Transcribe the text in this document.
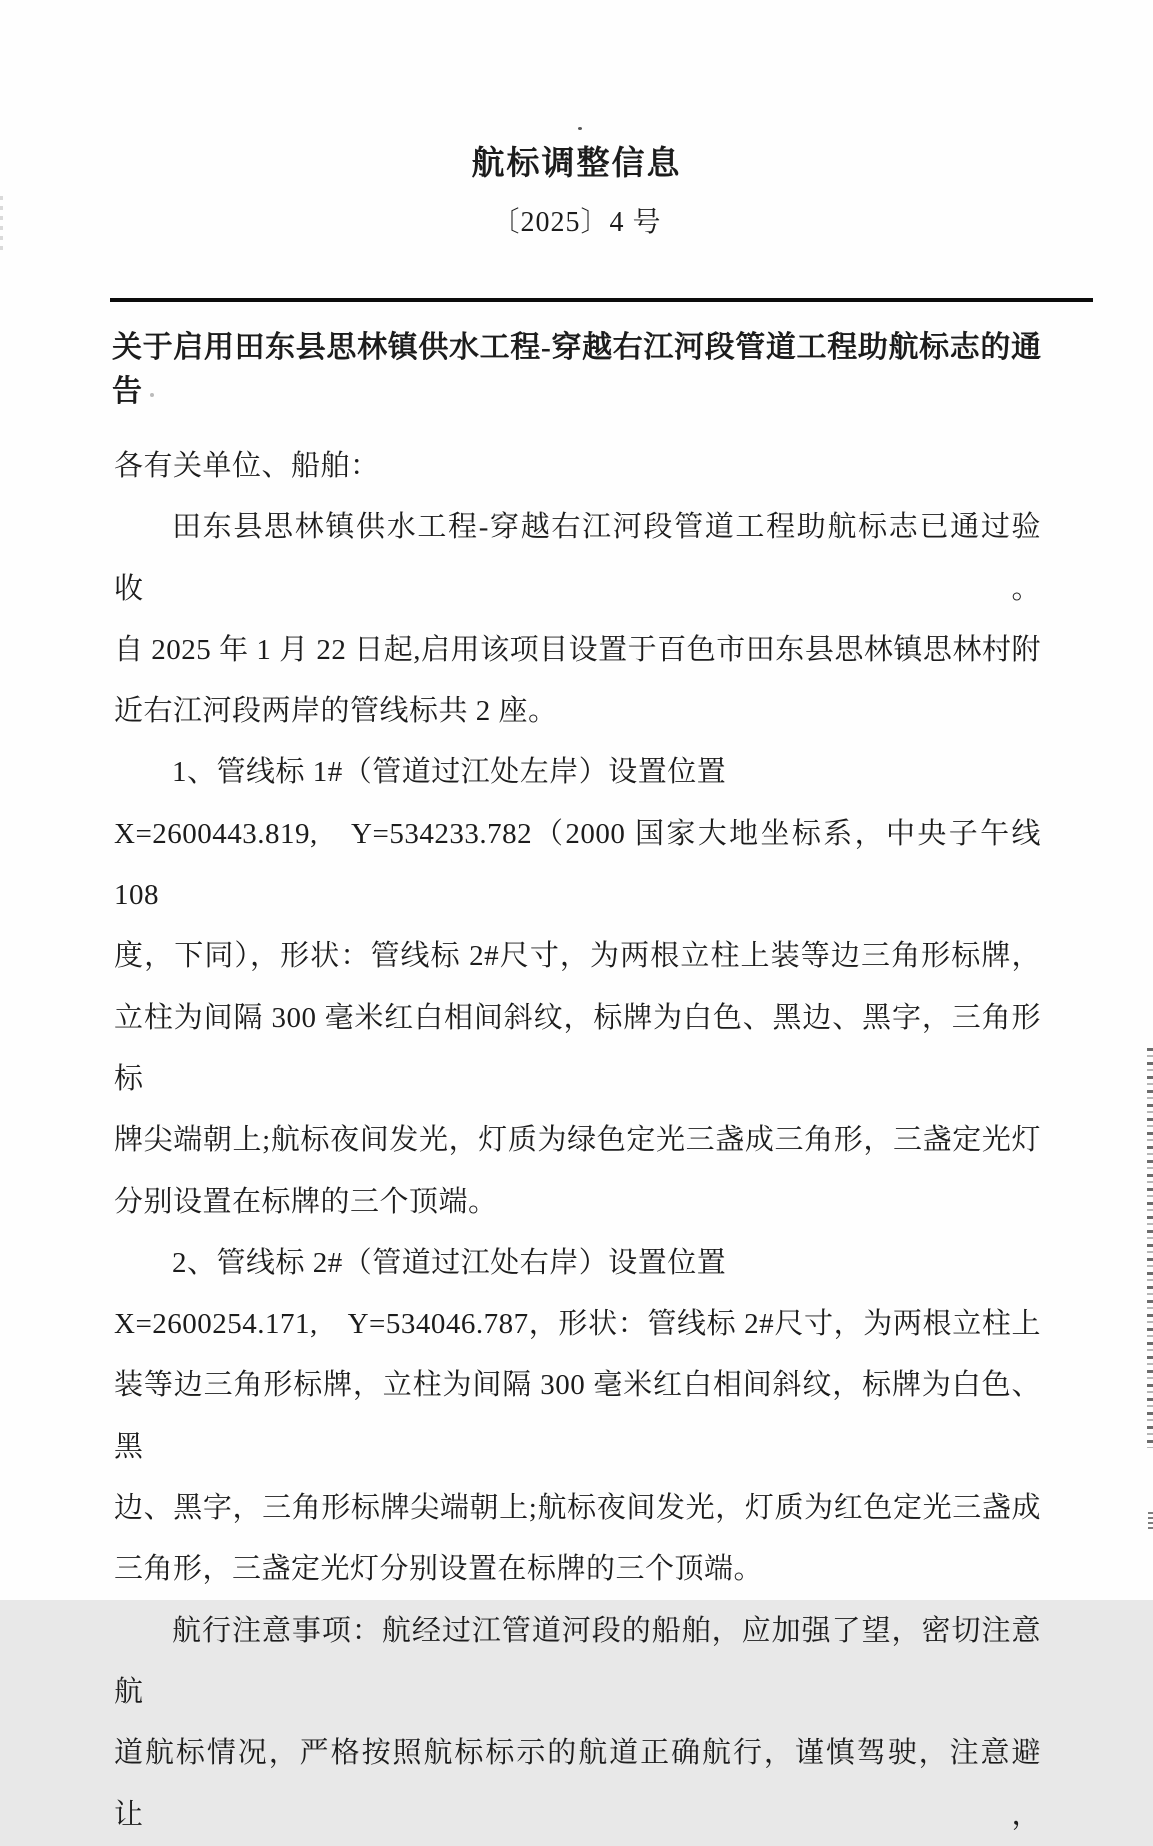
航标调整信息
〔2025〕4 号
关于启用田东县思林镇供水工程-穿越右江河段管道工程助航标志的通告
各有关单位、船舶：
田东县思林镇供水工程-穿越右江河段管道工程助航标志已通过验收。
自 2025 年 1 月 22 日起,启用该项目设置于百色市田东县思林镇思林村附
近右江河段两岸的管线标共 2 座。
1、管线标 1#（管道过江处左岸）设置位置
X=2600443.819,　Y=534233.782（2000 国家大地坐标系，中央子午线 108
度，下同），形状：管线标 2#尺寸，为两根立柱上装等边三角形标牌，
立柱为间隔 300 毫米红白相间斜纹，标牌为白色、黑边、黑字，三角形标
牌尖端朝上;航标夜间发光，灯质为绿色定光三盏成三角形，三盏定光灯
分别设置在标牌的三个顶端。
2、管线标 2#（管道过江处右岸）设置位置
X=2600254.171,　Y=534046.787，形状：管线标 2#尺寸，为两根立柱上
装等边三角形标牌，立柱为间隔 300 毫米红白相间斜纹，标牌为白色、黑
边、黑字，三角形标牌尖端朝上;航标夜间发光，灯质为红色定光三盏成
三角形，三盏定光灯分别设置在标牌的三个顶端。
航行注意事项：航经过江管道河段的船舶，应加强了望，密切注意航
道航标情况，严格按照航标标示的航道正确航行，谨慎驾驶，注意避让，
